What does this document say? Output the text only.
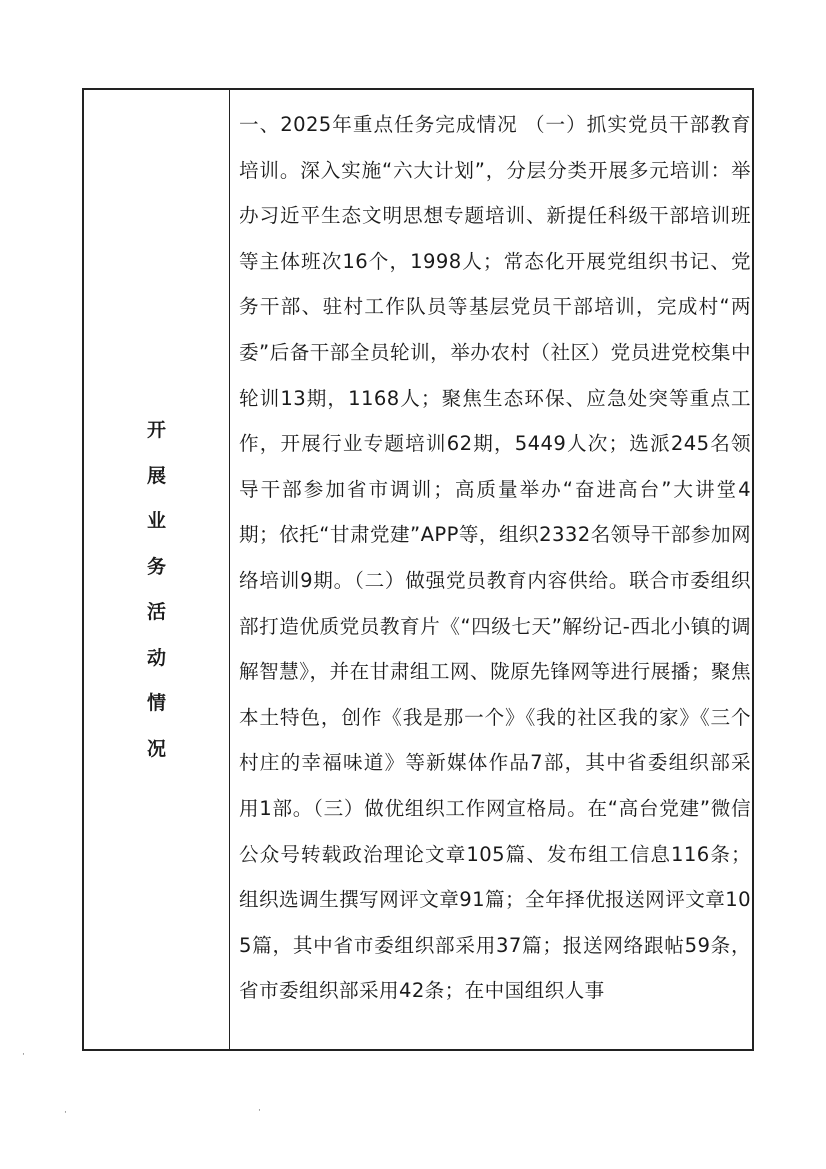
开展业务活动情况

一、2025年重点任务完成情况 （一）抓实党员干部教育培训。深入实施“六大计划”，分层分类开展多元培训：举办习近平生态文明思想专题培训、新提任科级干部培训班等主体班次16个，1998人；常态化开展党组织书记、党务干部、驻村工作队员等基层党员干部培训，完成村“两委”后备干部全员轮训，举办农村（社区）党员进党校集中轮训13期，1168人；聚焦生态环保、应急处突等重点工作，开展行业专题培训62期，5449人次；选派245名领导干部参加省市调训；高质量举办“奋进高台”大讲堂4期；依托“甘肃党建”APP等，组织2332名领导干部参加网络培训9期。（二）做强党员教育内容供给。联合市委组织部打造优质党员教育片《“四级七天”解纷记-西北小镇的调解智慧》，并在甘肃组工网、陇原先锋网等进行展播；聚焦本土特色，创作《我是那一个》《我的社区我的家》《三个村庄的幸福味道》等新媒体作品7部，其中省委组织部采用1部。（三）做优组织工作网宣格局。在“高台党建”微信公众号转载政治理论文章105篇、发布组工信息116条；组织选调生撰写网评文章91篇；全年择优报送网评文章105篇，其中省市委组织部采用37篇；报送网络跟帖59条，省市委组织部采用42条；在中国组织人事

·
·	·
